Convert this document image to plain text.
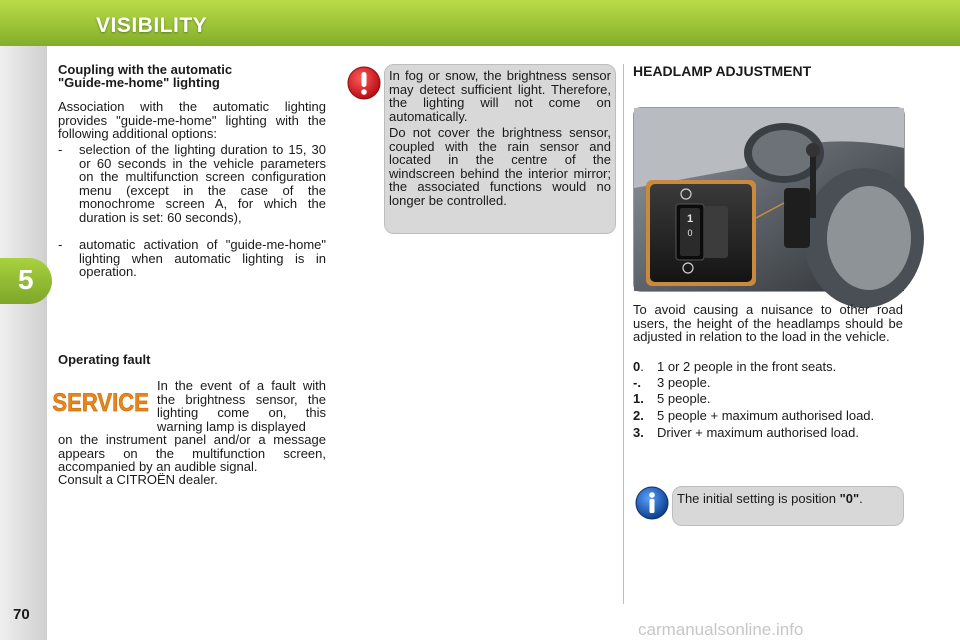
VISIBILITY
5
70
Coupling with the automatic
"Guide-me-home" lighting
Association with the automatic lighting provides "guide-me-home" lighting with the following additional options:
- selection of the lighting duration to 15, 30 or 60 seconds in the vehicle parameters on the multifunction screen configuration menu (except in the case of the monochrome screen A, for which the duration is set: 60 seconds),
- automatic activation of "guide-me-home" lighting when automatic lighting is in operation.
Operating fault
SERVICE
In the event of a fault with the brightness sensor, the lighting come on, this warning lamp is displayed
on the instrument panel and/or a message appears on the multifunction screen, accompanied by an audible signal.
Consult a CITROËN dealer.
In fog or snow, the brightness sensor may detect sufficient light. Therefore, the lighting will not come on automatically.
Do not cover the brightness sensor, coupled with the rain sensor and located in the centre of the windscreen behind the interior mirror; the associated functions would no longer be controlled.
HEADLAMP ADJUSTMENT
1
0
To avoid causing a nuisance to other road users, the height of the headlamps should be adjusted in relation to the load in the vehicle.
0. 1 or 2 people in the front seats.
-. 3 people.
1. 5 people.
2. 5 people + maximum authorised load.
3. Driver + maximum authorised load.
The initial setting is position "0".
carmanualsonline.info
